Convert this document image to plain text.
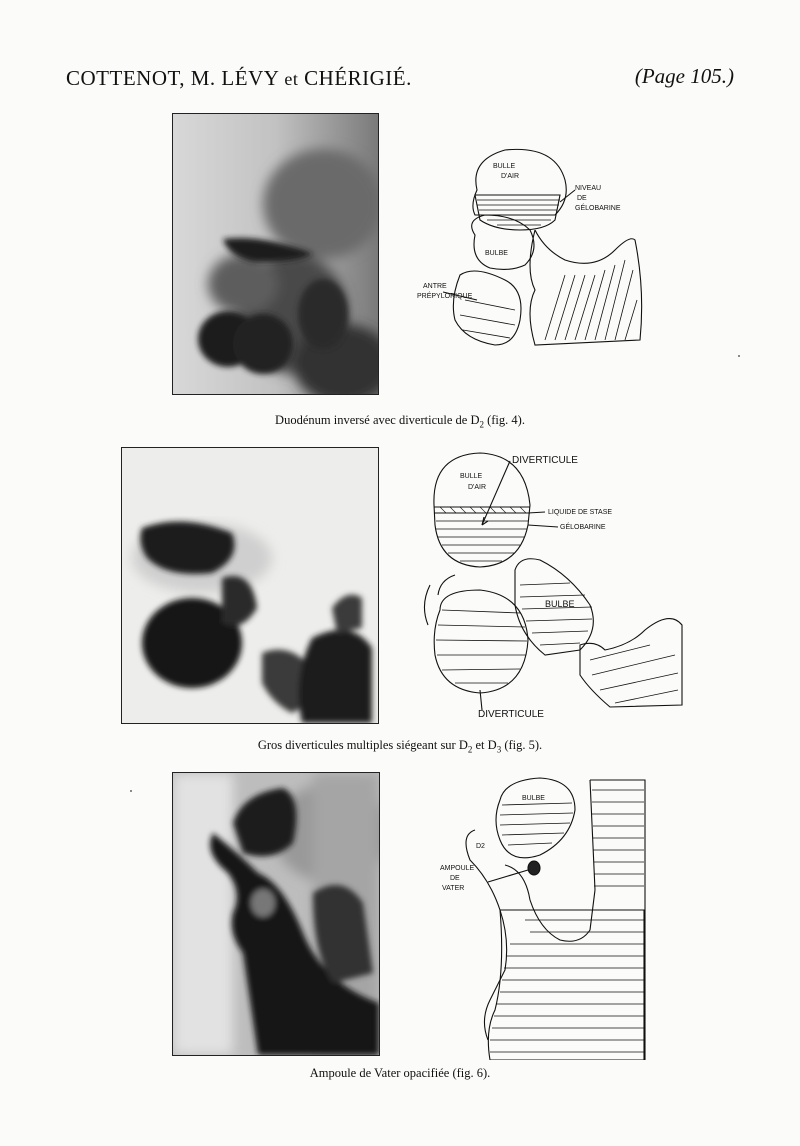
COTTENOT, M. LÉVY et CHÉRIGIÉ.	(Page 105.)
BULLE
D'AIR
NIVEAU
DE
GÉLOBARINE
BULBE
ANTRE
PRÉPYLORIQUE
Duodénum inversé avec diverticule de $D_2$ (fig. 4).
DIVERTICULE
BULLE
D'AIR
LIQUIDE DE STASE
GÉLOBARINE
BULBE
DIVERTICULE
Gros diverticules multiples siégeant sur $D_2$ et $D_3$ (fig. 5).
BULBE
D2
AMPOULE
DE
VATER
Ampoule de Vater opacifiée (fig. 6).
